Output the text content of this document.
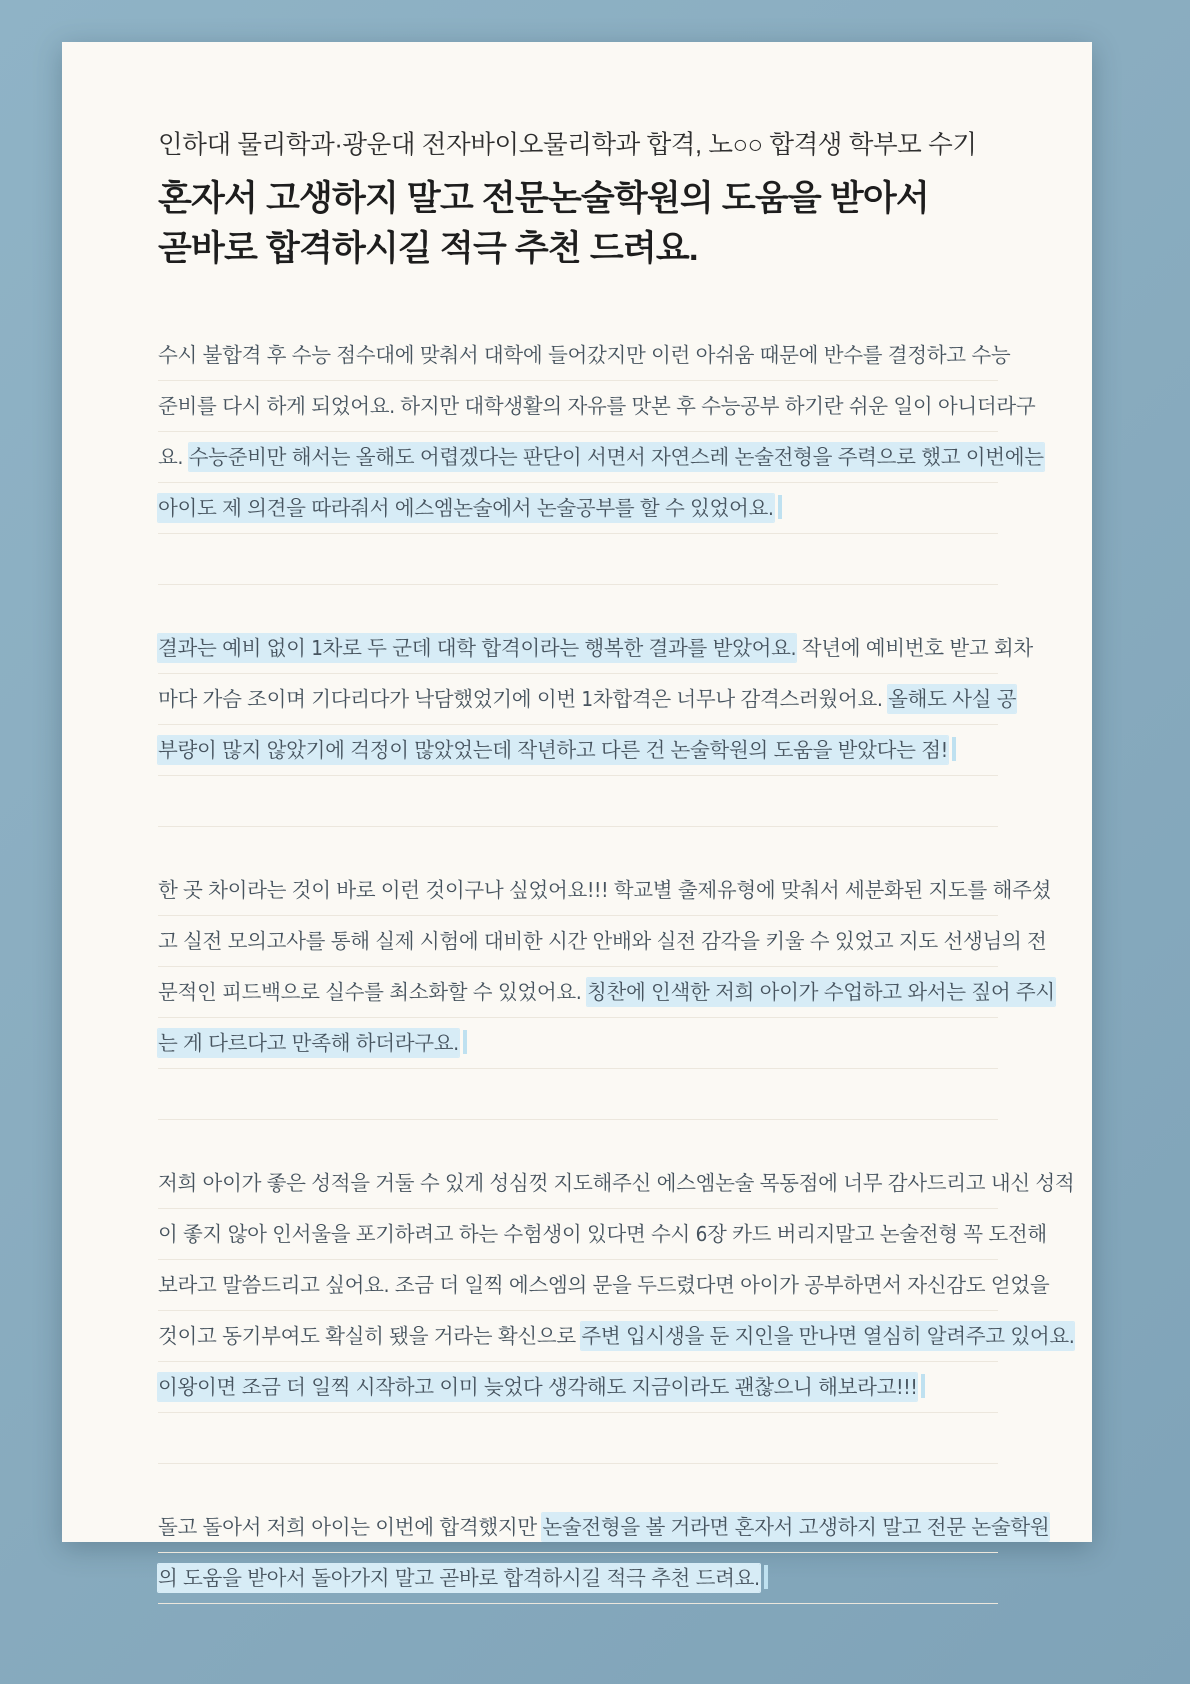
인하대 물리학과·광운대 전자바이오물리학과 합격, 노○○ 합격생 학부모 수기
혼자서 고생하지 말고 전문논술학원의 도움을 받아서
곧바로 합격하시길 적극 추천 드려요.
수시 불합격 후 수능 점수대에 맞춰서 대학에 들어갔지만 이런 아쉬움 때문에 반수를 결정하고 수능
준비를 다시 하게 되었어요. 하지만 대학생활의 자유를 맛본 후 수능공부 하기란 쉬운 일이 아니더라구
요. 수능준비만 해서는 올해도 어렵겠다는 판단이 서면서 자연스레 논술전형을 주력으로 했고 이번에는
아이도 제 의견을 따라줘서 에스엠논술에서 논술공부를 할 수 있었어요.
결과는 예비 없이 1차로 두 군데 대학 합격이라는 행복한 결과를 받았어요. 작년에 예비번호 받고 회차
마다 가슴 조이며 기다리다가 낙담했었기에 이번 1차합격은 너무나 감격스러웠어요. 올해도 사실 공
부량이 많지 않았기에 걱정이 많았었는데 작년하고 다른 건 논술학원의 도움을 받았다는 점!
한 곳 차이라는 것이 바로 이런 것이구나 싶었어요!!! 학교별 출제유형에 맞춰서 세분화된 지도를 해주셨
고 실전 모의고사를 통해 실제 시험에 대비한 시간 안배와 실전 감각을 키울 수 있었고 지도 선생님의 전
문적인 피드백으로 실수를 최소화할 수 있었어요. 칭찬에 인색한 저희 아이가 수업하고 와서는 짚어 주시
는 게 다르다고 만족해 하더라구요.
저희 아이가 좋은 성적을 거둘 수 있게 성심껏 지도해주신 에스엠논술 목동점에 너무 감사드리고 내신 성적
이 좋지 않아 인서울을 포기하려고 하는 수험생이 있다면 수시 6장 카드 버리지말고 논술전형 꼭 도전해
보라고 말씀드리고 싶어요. 조금 더 일찍 에스엠의 문을 두드렸다면 아이가 공부하면서 자신감도 얻었을
것이고 동기부여도 확실히 됐을 거라는 확신으로 주변 입시생을 둔 지인을 만나면 열심히 알려주고 있어요.
이왕이면 조금 더 일찍 시작하고 이미 늦었다 생각해도 지금이라도 괜찮으니 해보라고!!!
돌고 돌아서 저희 아이는 이번에 합격했지만 논술전형을 볼 거라면 혼자서 고생하지 말고 전문 논술학원
의 도움을 받아서 돌아가지 말고 곧바로 합격하시길 적극 추천 드려요.
